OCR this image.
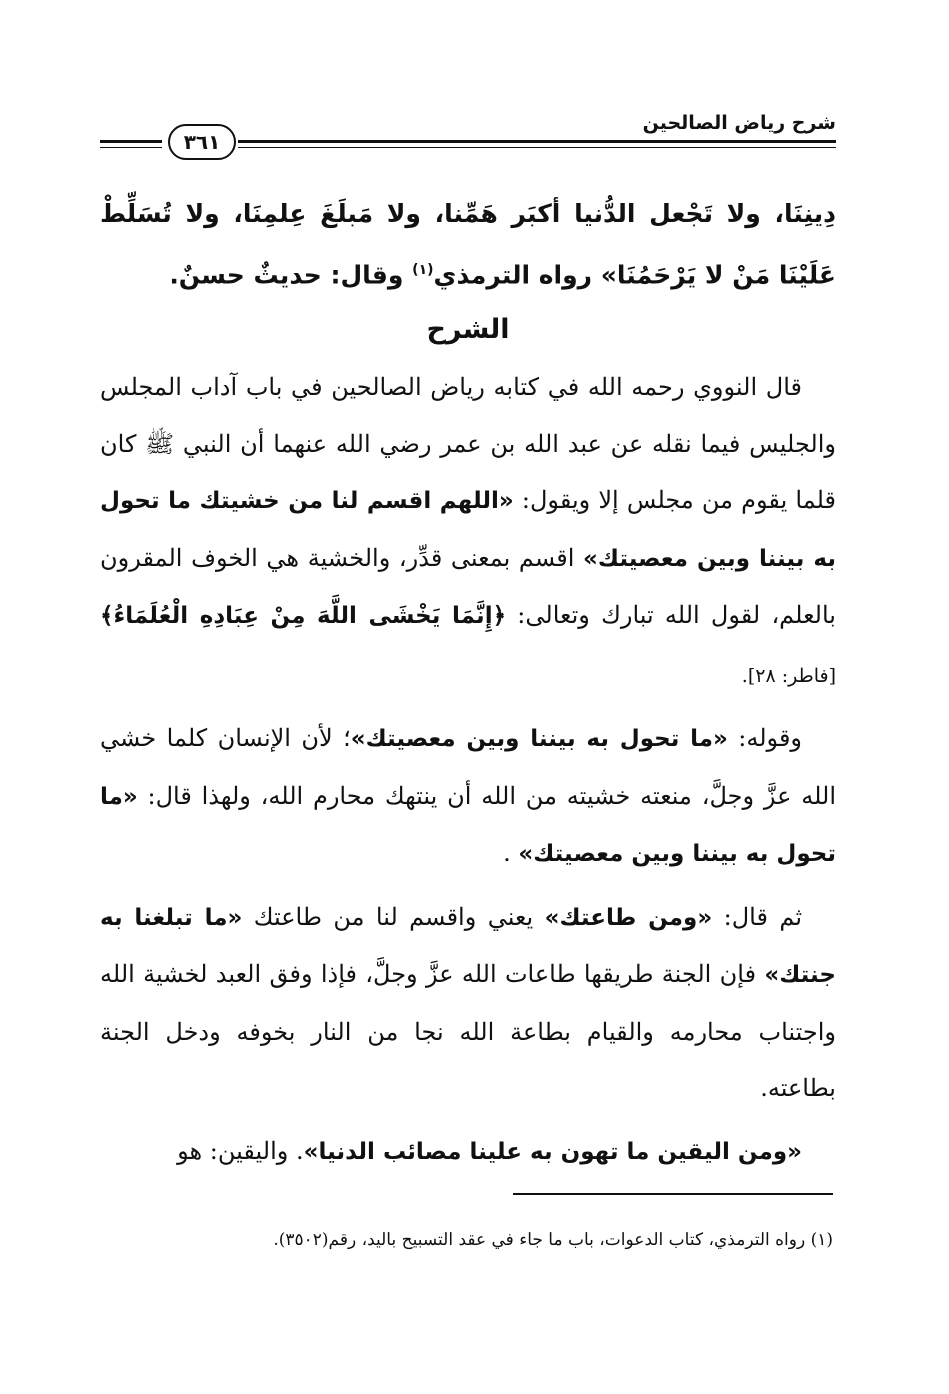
شرح رياض الصالحين
٣٦١

دِينِنَا، ولا تَجْعل الدُّنيا أكبَر هَمِّنا، ولا مَبلَغَ عِلمِنَا، ولا تُسَلِّطْ عَلَيْنَا مَنْ لا يَرْحَمُنَا» رواه الترمذي$^{(١)}$ وقال: حديثٌ حسنٌ.

الشرح

قال النووي رحمه الله في كتابه رياض الصالحين في باب آداب المجلس والجليس فيما نقله عن عبد الله بن عمر رضي الله عنهما أن النبي ﷺ كان قلما يقوم من مجلس إلا ويقول: «اللهم اقسم لنا من خشيتك ما تحول به بيننا وبين معصيتك» اقسم بمعنى قدِّر، والخشية هي الخوف المقرون بالعلم، لقول الله تبارك وتعالى: ﴿إِنَّمَا يَخْشَى اللَّهَ مِنْ عِبَادِهِ الْعُلَمَاءُ﴾ [فاطر: ٢٨].

وقوله: «ما تحول به بيننا وبين معصيتك»؛ لأن الإنسان كلما خشي الله عزَّ وجلَّ، منعته خشيته من الله أن ينتهك محارم الله، ولهذا قال: «ما تحول به بيننا وبين معصيتك» .

ثم قال: «ومن طاعتك» يعني واقسم لنا من طاعتك «ما تبلغنا به جنتك» فإن الجنة طريقها طاعات الله عزَّ وجلَّ، فإذا وفق العبد لخشية الله واجتناب محارمه والقيام بطاعة الله نجا من النار بخوفه ودخل الجنة بطاعته.

«ومن اليقين ما تهون به علينا مصائب الدنيا». واليقين: هو

(١) رواه الترمذي، كتاب الدعوات، باب ما جاء في عقد التسبيح باليد، رقم(٣٥٠٢).
